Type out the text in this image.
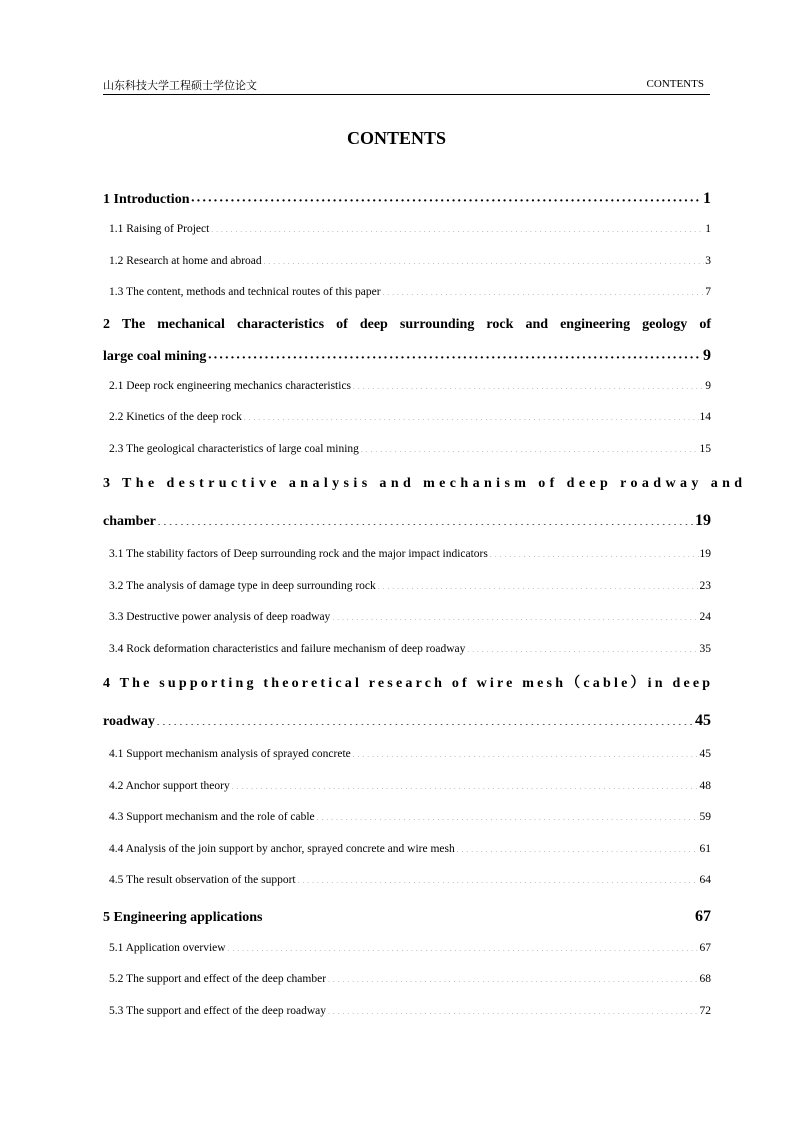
山东科技大学工程硕士学位论文	CONTENTS
CONTENTS
1 Introduction ·····	1
1.1 Raising of Project ·····	1
1.2 Research at home and abroad ·····	3
1.3 The content, methods and technical routes of this paper ·····	7
2 The mechanical characteristics of deep surrounding rock and engineering geology of
large coal mining ·····	9
2.1 Deep rock engineering mechanics characteristics ·····	9
2.2 Kinetics of the deep rock ·····	14
2.3 The geological characteristics of large coal mining ·····	15
3 The destructive analysis and mechanism of deep roadway and
chamber ·····	19
3.1 The stability factors of Deep surrounding rock and the major impact indicators ·····	19
3.2 The analysis of damage type in deep surrounding rock ·····	23
3.3 Destructive power analysis of deep roadway ·····	24
3.4 Rock deformation characteristics and failure mechanism of deep roadway ·····	35
4 The supporting theoretical research of wire mesh（cable）in deep
roadway ·····	45
4.1 Support mechanism analysis of sprayed concrete ·····	45
4.2 Anchor support theory ·····	48
4.3 Support mechanism and the role of cable ·····	59
4.4 Analysis of the join support by anchor, sprayed concrete and wire mesh ·····	61
4.5 The result observation of the support ·····	64
5 Engineering applications ·····	67
5.1 Application overview ·····	67
5.2 The support and effect of the deep chamber ·····	68
5.3 The support and effect of the deep roadway ·····	72
